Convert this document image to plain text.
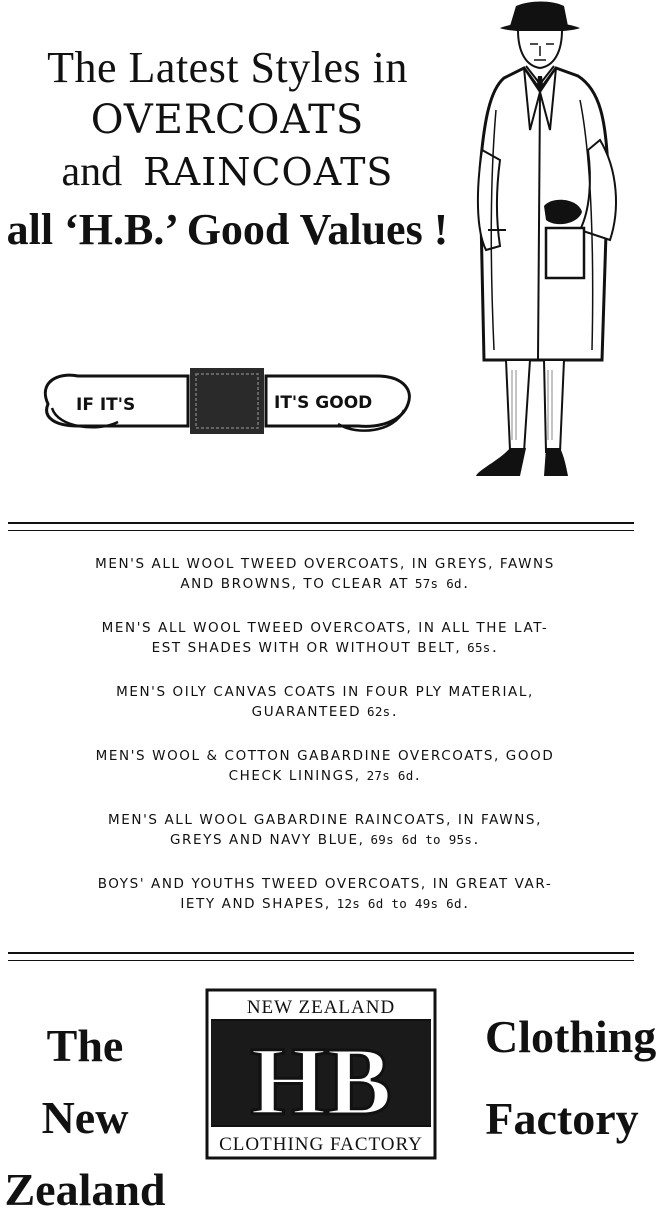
The Latest Styles in

OVERCOATS

and RAINCOATS

all ‘H.B.’ Good Values !

IF IT'S	IT'S GOOD

MEN'S ALL WOOL TWEED OVERCOATS, IN GREYS, FAWNS
AND BROWNS, TO CLEAR AT 57s 6d.

MEN'S ALL WOOL TWEED OVERCOATS, IN ALL THE LAT-
EST SHADES WITH OR WITHOUT BELT, 65s.

MEN'S OILY CANVAS COATS IN FOUR PLY MATERIAL,
GUARANTEED 62s.

MEN'S WOOL & COTTON GABARDINE OVERCOATS, GOOD
CHECK LININGS, 27s 6d.

MEN'S ALL WOOL GABARDINE RAINCOATS, IN FAWNS,
GREYS AND NAVY BLUE, 69s 6d to 95s.

BOYS' AND YOUTHS TWEED OVERCOATS, IN GREAT VAR-
IETY AND SHAPES, 12s 6d to 49s 6d.

The New
Zealand
NEW ZEALAND
HB
CLOTHING FACTORY
Clothing
Factory
